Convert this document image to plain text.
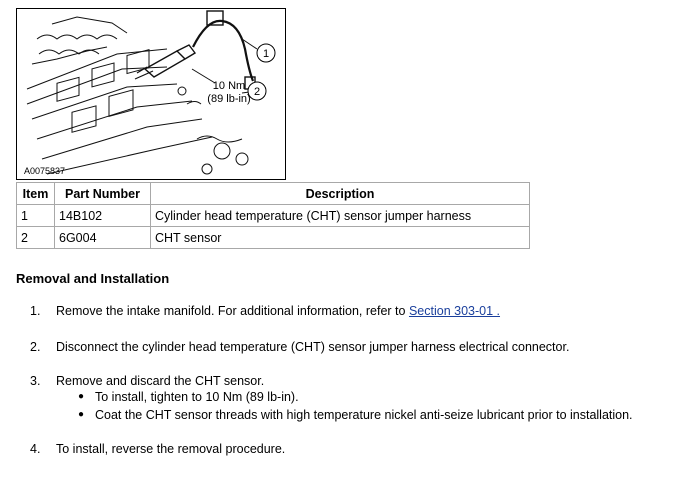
1
2
10 Nm
(89 lb-in)
A0075837
Item	Part Number	Description
1	14B102	Cylinder head temperature (CHT) sensor jumper harness
2	6G004	CHT sensor
Removal and Installation
1.	Remove the intake manifold. For additional information, refer to Section 303-01 .
2.	Disconnect the cylinder head temperature (CHT) sensor jumper harness electrical connector.
3.	Remove and discard the CHT sensor.
● To install, tighten to 10 Nm (89 lb-in).
● Coat the CHT sensor threads with high temperature nickel anti-seize lubricant prior to installation.
4.	To install, reverse the removal procedure.
